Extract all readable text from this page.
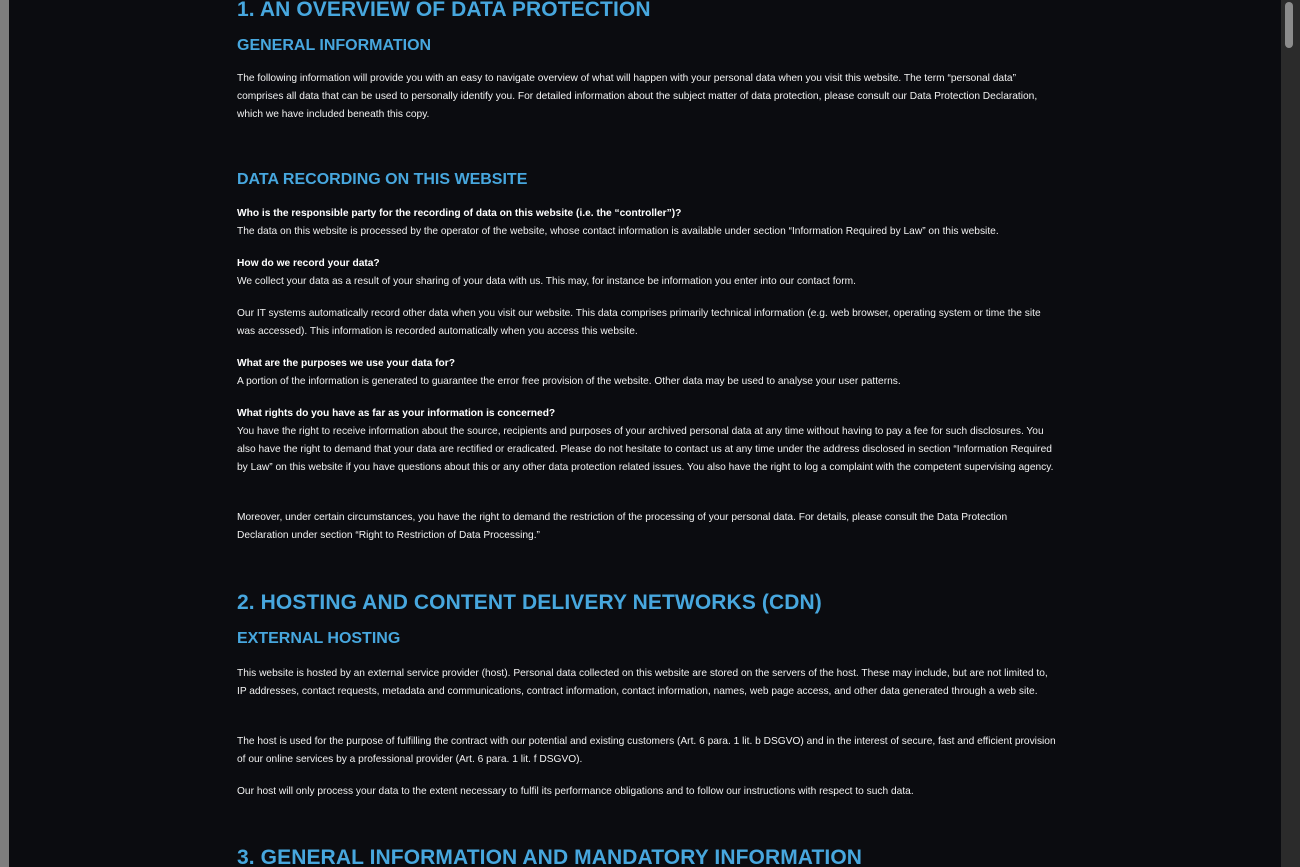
1. AN OVERVIEW OF DATA PROTECTION
GENERAL INFORMATION

The following information will provide you with an easy to navigate overview of what will happen with your personal data when you visit this website. The term “personal data” comprises all data that can be used to personally identify you. For detailed information about the subject matter of data protection, please consult our Data Protection Declaration, which we have included beneath this copy.

DATA RECORDING ON THIS WEBSITE

Who is the responsible party for the recording of data on this website (i.e. the “controller”)?

The data on this website is processed by the operator of the website, whose contact information is available under section “Information Required by Law” on this website.

How do we record your data?

We collect your data as a result of your sharing of your data with us. This may, for instance be information you enter into our contact form.

Our IT systems automatically record other data when you visit our website. This data comprises primarily technical information (e.g. web browser, operating system or time the site was accessed). This information is recorded automatically when you access this website.

What are the purposes we use your data for?

A portion of the information is generated to guarantee the error free provision of the website. Other data may be used to analyse your user patterns.

What rights do you have as far as your information is concerned?

You have the right to receive information about the source, recipients and purposes of your archived personal data at any time without having to pay a fee for such disclosures. You also have the right to demand that your data are rectified or eradicated. Please do not hesitate to contact us at any time under the address disclosed in section “Information Required by Law” on this website if you have questions about this or any other data protection related issues. You also have the right to log a complaint with the competent supervising agency.

Moreover, under certain circumstances, you have the right to demand the restriction of the processing of your personal data. For details, please consult the Data Protection Declaration under section “Right to Restriction of Data Processing.”

2. HOSTING AND CONTENT DELIVERY NETWORKS (CDN)
EXTERNAL HOSTING

This website is hosted by an external service provider (host). Personal data collected on this website are stored on the servers of the host. These may include, but are not limited to, IP addresses, contact requests, metadata and communications, contract information, contact information, names, web page access, and other data generated through a web site.

The host is used for the purpose of fulfilling the contract with our potential and existing customers (Art. 6 para. 1 lit. b DSGVO) and in the interest of secure, fast and efficient provision of our online services by a professional provider (Art. 6 para. 1 lit. f DSGVO).

Our host will only process your data to the extent necessary to fulfil its performance obligations and to follow our instructions with respect to such data.

3. GENERAL INFORMATION AND MANDATORY INFORMATION
